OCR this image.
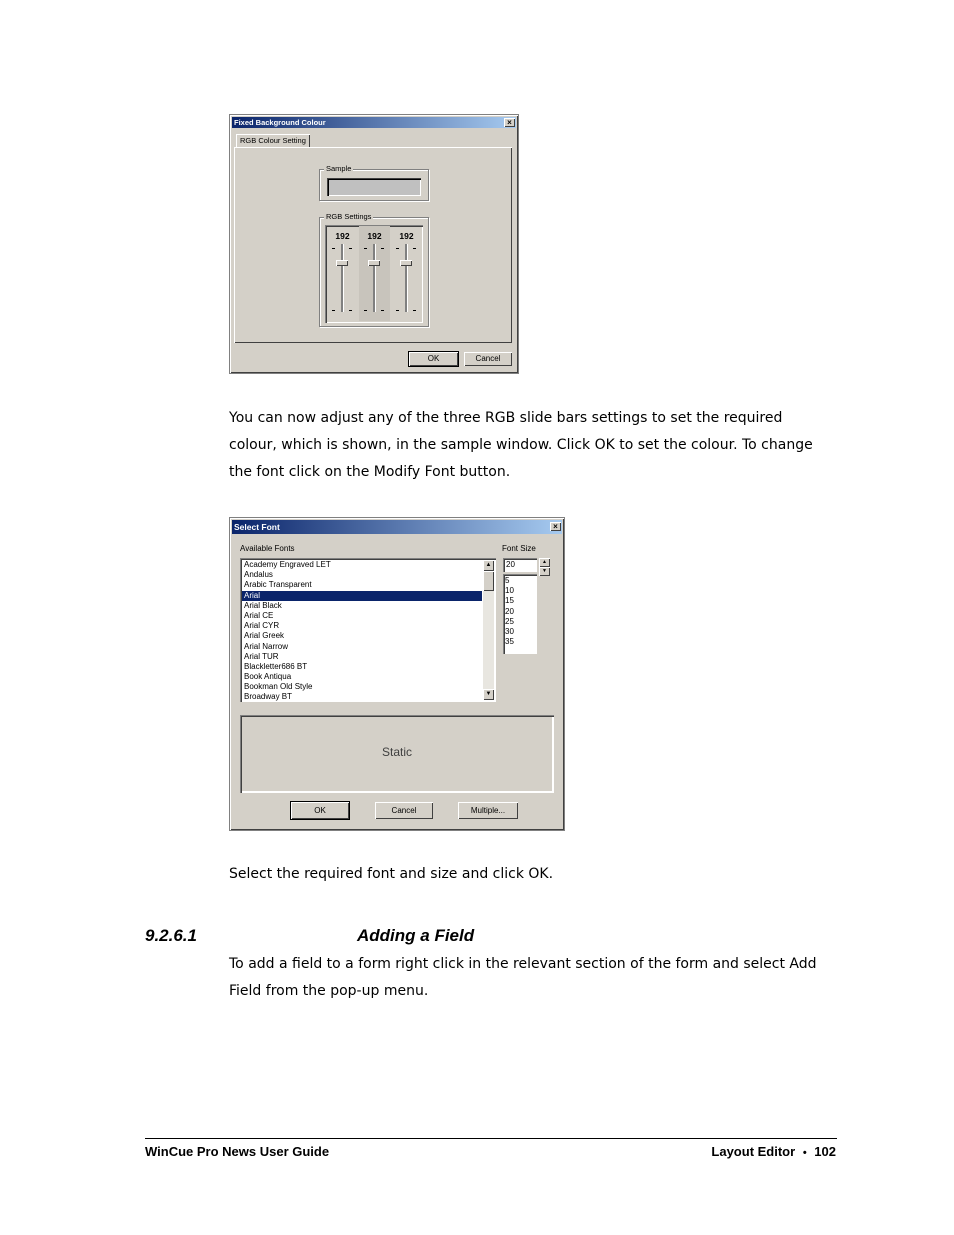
Fixed Background Colour	×
RGB Colour Setting
Sample
RGB Settings
192	192	192
OK	Cancel
You can now adjust any of the three RGB slide bars settings to set the required
colour, which is shown, in the sample window. Click OK to set the colour. To change
the font click on the Modify Font button.
Select Font	×
Available Fonts
Academy Engraved LET
Andalus
Arabic Transparent
Arial
Arial Black
Arial CE
Arial CYR
Arial Greek
Arial Narrow
Arial TUR
Blackletter686 BT
Book Antiqua
Bookman Old Style
Broadway BT
▲
▼
Font Size
20	▲
▼
5
10
15
20
25
30
35
Static
OK	Cancel	Multiple...
Select the required font and size and click OK.
9.2.6.1	Adding a Field
To add a field to a form right click in the relevant section of the form and select Add
Field from the pop-up menu.
WinCue Pro News User Guide	Layout Editor • 102
